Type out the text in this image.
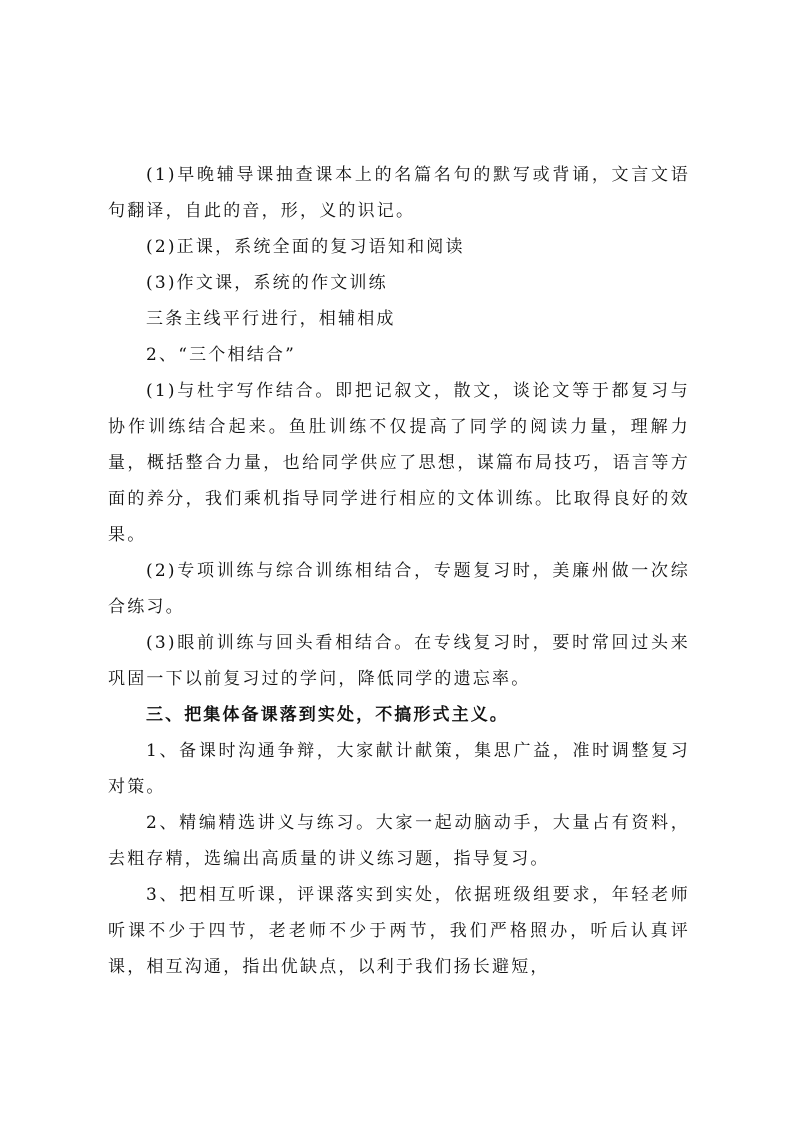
(1)早晚辅导课抽查课本上的名篇名句的默写或背诵，文言文语句翻译，自此的音，形，义的识记。

(2)正课，系统全面的复习语知和阅读

(3)作文课，系统的作文训练

三条主线平行进行，相辅相成

2、“三个相结合”

(1)与杜宇写作结合。即把记叙文，散文，谈论文等于都复习与协作训练结合起来。鱼肚训练不仅提高了同学的阅读力量，理解力量，概括整合力量，也给同学供应了思想，谋篇布局技巧，语言等方面的养分，我们乘机指导同学进行相应的文体训练。比取得良好的效果。

(2)专项训练与综合训练相结合，专题复习时，美廉州做一次综合练习。

(3)眼前训练与回头看相结合。在专线复习时，要时常回过头来巩固一下以前复习过的学问，降低同学的遗忘率。

三、把集体备课落到实处，不搞形式主义。

1、备课时沟通争辩，大家献计献策，集思广益，准时调整复习对策。

2、精编精选讲义与练习。大家一起动脑动手，大量占有资料，去粗存精，选编出高质量的讲义练习题，指导复习。

3、把相互听课，评课落实到实处，依据班级组要求，年轻老师听课不少于四节，老老师不少于两节，我们严格照办，听后认真评课，相互沟通，指出优缺点，以利于我们扬长避短，
